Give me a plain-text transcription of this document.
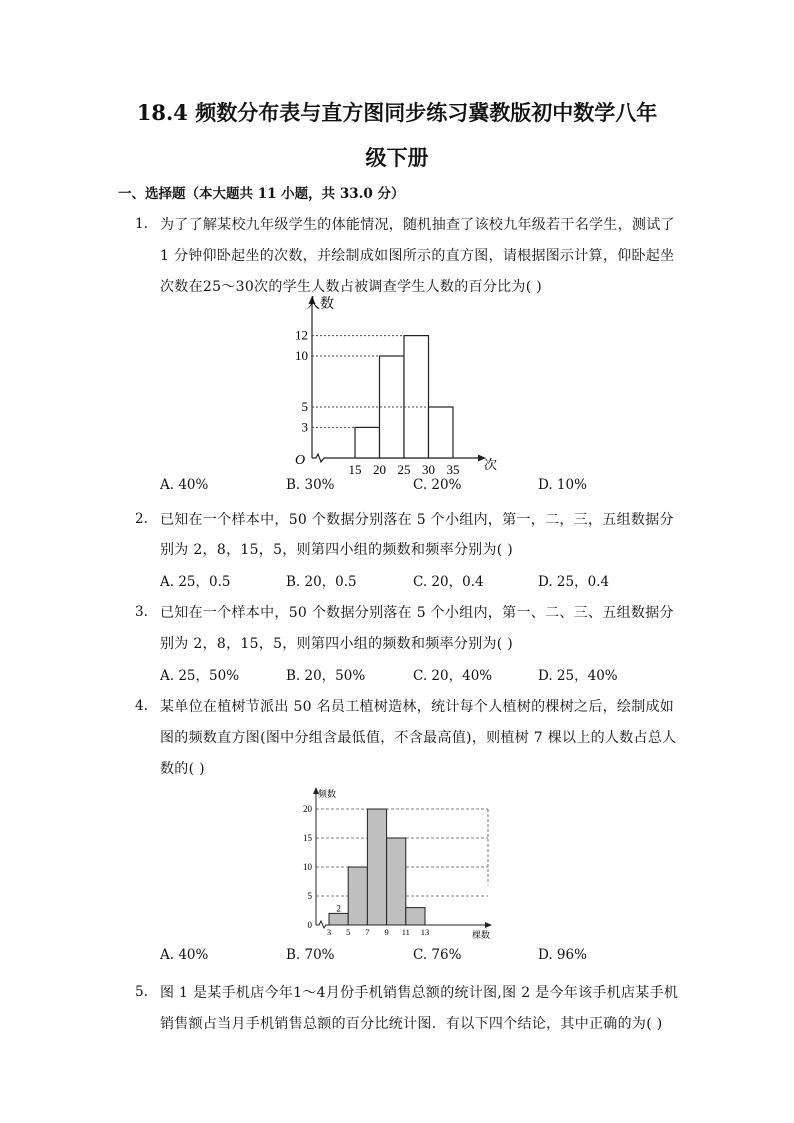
18.4 频数分布表与直方图同步练习冀教版初中数学八年
级下册
一、选择题（本大题共 11 小题，共 33.0 分）
1. 为了了解某校九年级学生的体能情况，随机抽查了该校九年级若干名学生，测试了
1 分钟仰卧起坐的次数，并绘制成如图所示的直方图，请根据图示计算，仰卧起坐
次数在25～30次的学生人数占被调查学生人数的百分比为( )
人数
次
O
3
5
10
12
15 20 25 30 35
A. 40%	B. 30%	C. 20%	D. 10%
2. 已知在一个样本中，50 个数据分别落在 5 个小组内，第一，二，三，五组数据分
别为 2，8，15，5，则第四小组的频数和频率分别为( )
A. 25，0.5	B. 20，0.5	C. 20，0.4	D. 25，0.4
3. 已知在一个样本中，50 个数据分别落在 5 个小组内，第一、二、三、五组数据分
别为 2，8，15，5，则第四小组的频数和频率分别为( )
A. 25，50%	B. 20，50%	C. 20，40%	D. 25，40%
4. 某单位在植树节派出 50 名员工植树造林，统计每个人植树的棵树之后，绘制成如
图的频数直方图(图中分组含最低值，不含最高值)，则植树 7 棵以上的人数占总人
数的( )
2
频数
棵数
0
5
10
15
20
3 5 7 9 11 13
A. 40%	B. 70%	C. 76%	D. 96%
5. 图 1 是某手机店今年1～4月份手机销售总额的统计图,图 2 是今年该手机店某手机
销售额占当月手机销售总额的百分比统计图．有以下四个结论，其中正确的为( )
